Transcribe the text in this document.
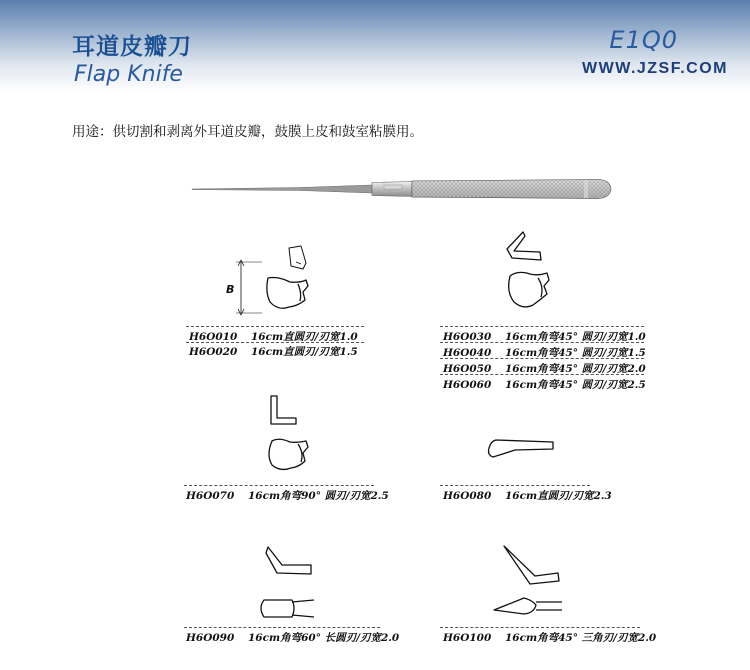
耳道皮瓣刀
Flap Knife
E1Q0
WWW.JZSF.COM
用途：供切割和剥离外耳道皮瓣，鼓膜上皮和鼓室粘膜用。
B
H6O010 16cm直圆刃/刃宽1.0
H6O020 16cm直圆刃/刃宽1.5
H6O030 16cm角弯45° 圆刃/刃宽1.0
H6O040 16cm角弯45° 圆刃/刃宽1.5
H6O050 16cm角弯45° 圆刃/刃宽2.0
H6O060 16cm角弯45° 圆刃/刃宽2.5
H6O070 16cm角弯90° 圆刃/刃宽2.5	H6O080 16cm直圆刃/刃宽2.3
H6O090 16cm角弯60° 长圆刃/刃宽2.0	H6O100 16cm角弯45° 三角刃/刃宽2.0
